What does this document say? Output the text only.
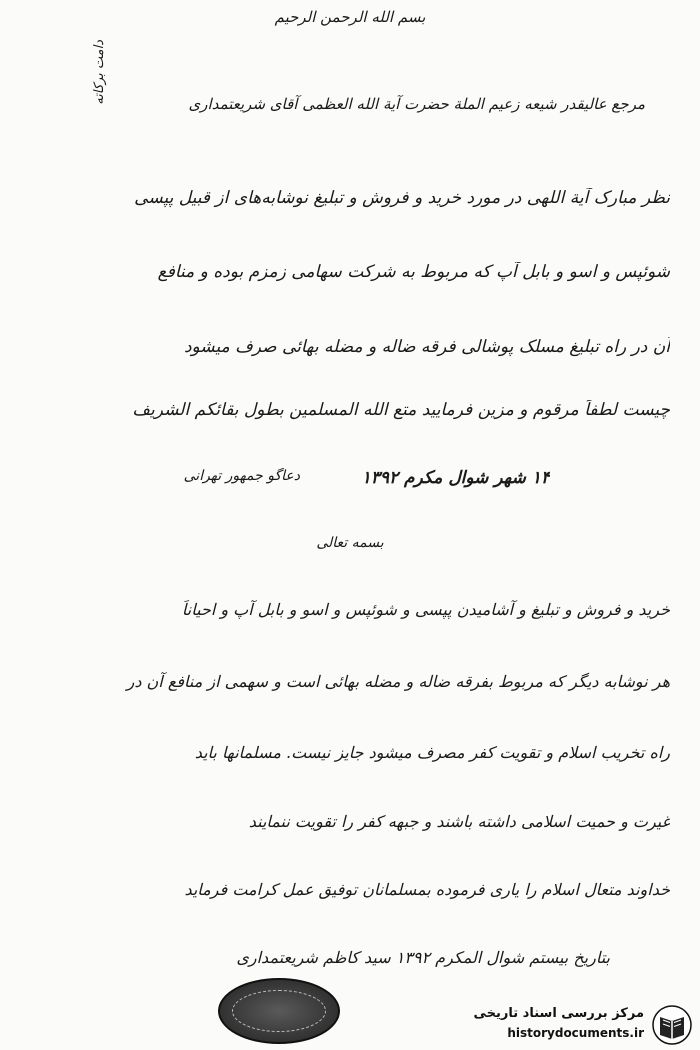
بسم الله الرحمن الرحیم
دامت برکاته	مرجع عالیقدر شیعه زعیم الملة حضرت آیة الله العظمی آقای شریعتمداری
نظر مبارک آیة اللهی در مورد خرید و فروش و تبلیغ نوشابه‌های از قبیل پپسی
شوئپس و اسو و بابل آپ که مربوط به شرکت سهامی زمزم بوده و منافع
آن در راه تبلیغ مسلک پوشالی فرقه ضاله و مضله بهائی صرف میشود
چیست لطفاً مرقوم و مزین فرمایید متع الله المسلمین بطول بقائکم الشریف
۱۴ شهر شوال مکرم ۱۳۹۲
دعاگو جمهور تهرانی
بسمه تعالی
خرید و فروش و تبلیغ و آشامیدن پپسی و شوئپس و اسو و بابل آپ و احیاناً
هر نوشابه دیگر که مربوط بفرقه ضاله و مضله بهائی است و سهمی از منافع آن در
راه تخریب اسلام و تقویت کفر مصرف میشود جایز نیست. مسلمانها باید
غیرت و حمیت اسلامی داشته باشند و جبهه کفر را تقویت ننمایند
خداوند متعال اسلام را یاری فرموده بمسلمانان توفیق عمل کرامت فرماید
بتاریخ بیستم شوال المکرم ۱۳۹۲ سید کاظم شریعتمداری
مرکز بررسی اسناد تاریخی
historydocuments.ir
